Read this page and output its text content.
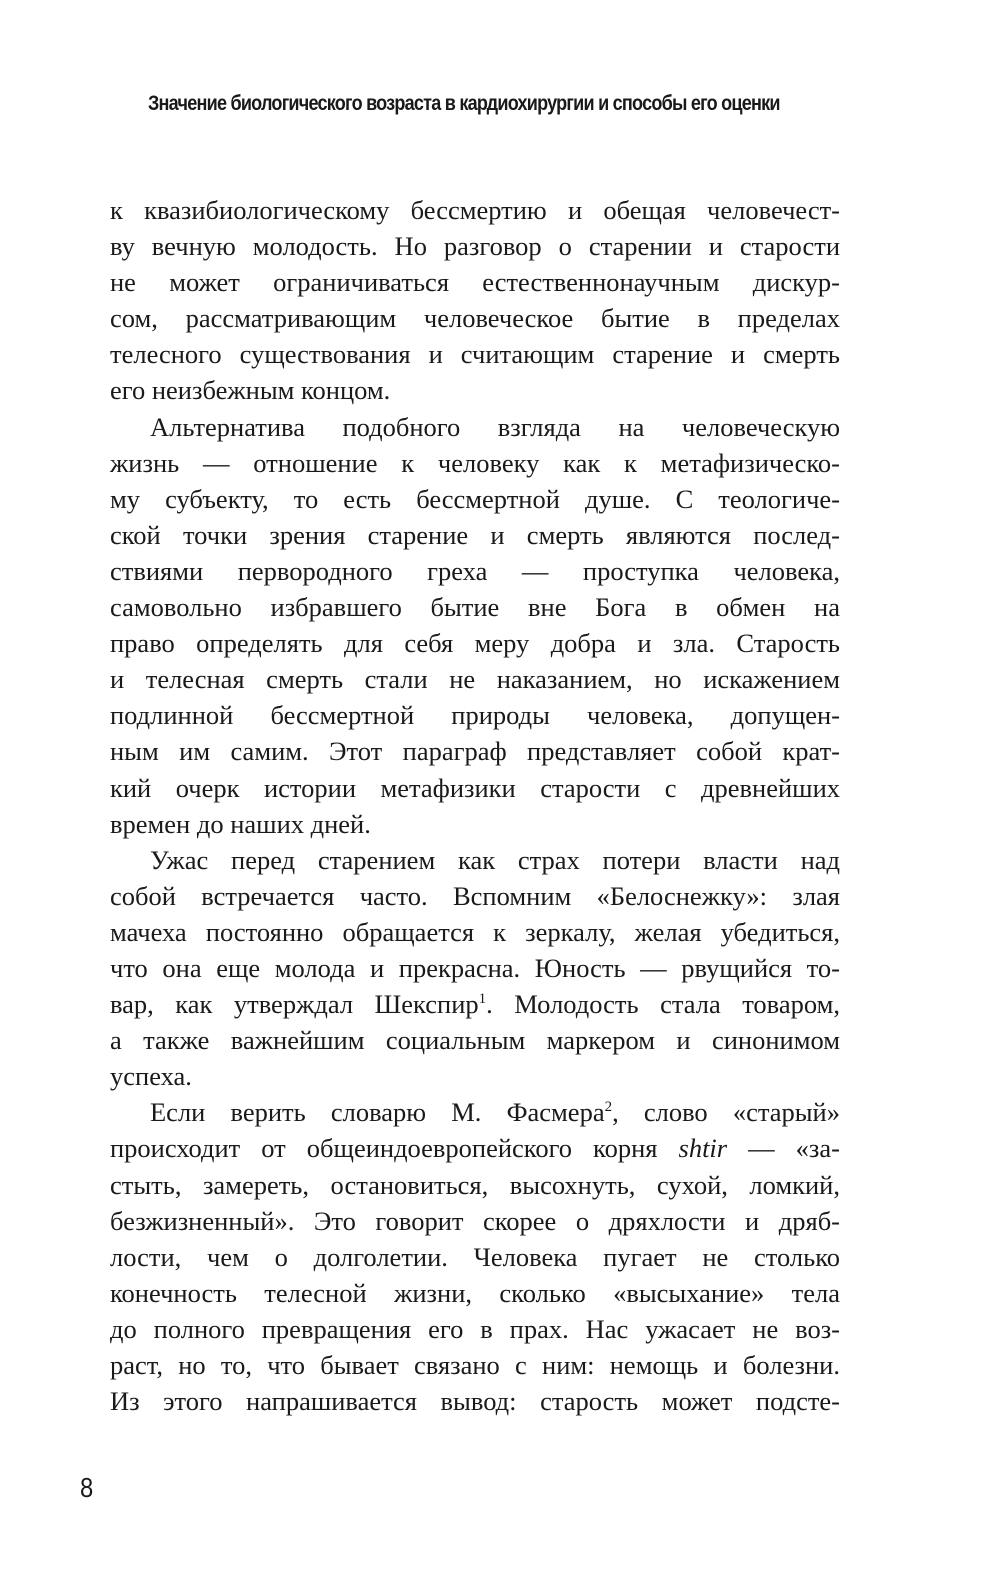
Значение биологического возраста в кардиохирургии и способы его оценки

к квазибиологическому бессмертию и обещая человечест-
ву вечную молодость. Но разговор о старении и старости
не может ограничиваться естественнонаучным дискур-
сом, рассматривающим человеческое бытие в пределах
телесного существования и считающим старение и смерть
его неизбежным концом.

Альтернатива подобного взгляда на человеческую
жизнь — отношение к человеку как к метафизическо-
му субъекту, то есть бессмертной душе. С теологиче-
ской точки зрения старение и смерть являются послед-
ствиями первородного греха — проступка человека,
самовольно избравшего бытие вне Бога в обмен на
право определять для себя меру добра и зла. Старость
и телесная смерть стали не наказанием, но искажением
подлинной бессмертной природы человека, допущен-
ным им самим. Этот параграф представляет собой крат-
кий очерк истории метафизики старости с древнейших
времен до наших дней.

Ужас перед старением как страх потери власти над
собой встречается часто. Вспомним «Белоснежку»: злая
мачеха постоянно обращается к зеркалу, желая убедиться,
что она еще молода и прекрасна. Юность — рвущийся то-
вар, как утверждал Шекспир$^1$. Молодость стала товаром,
а также важнейшим социальным маркером и синонимом
успеха.

Если верить словарю М. Фасмера$^2$, слово «старый»
происходит от общеиндоевропейского корня shtir — «за-
стыть, замереть, остановиться, высохнуть, сухой, ломкий,
безжизненный». Это говорит скорее о дряхлости и дряб-
лости, чем о долголетии. Человека пугает не столько
конечность телесной жизни, сколько «высыхание» тела
до полного превращения его в прах. Нас ужасает не воз-
раст, но то, что бывает связано с ним: немощь и болезни.
Из этого напрашивается вывод: старость может подсте-

8
